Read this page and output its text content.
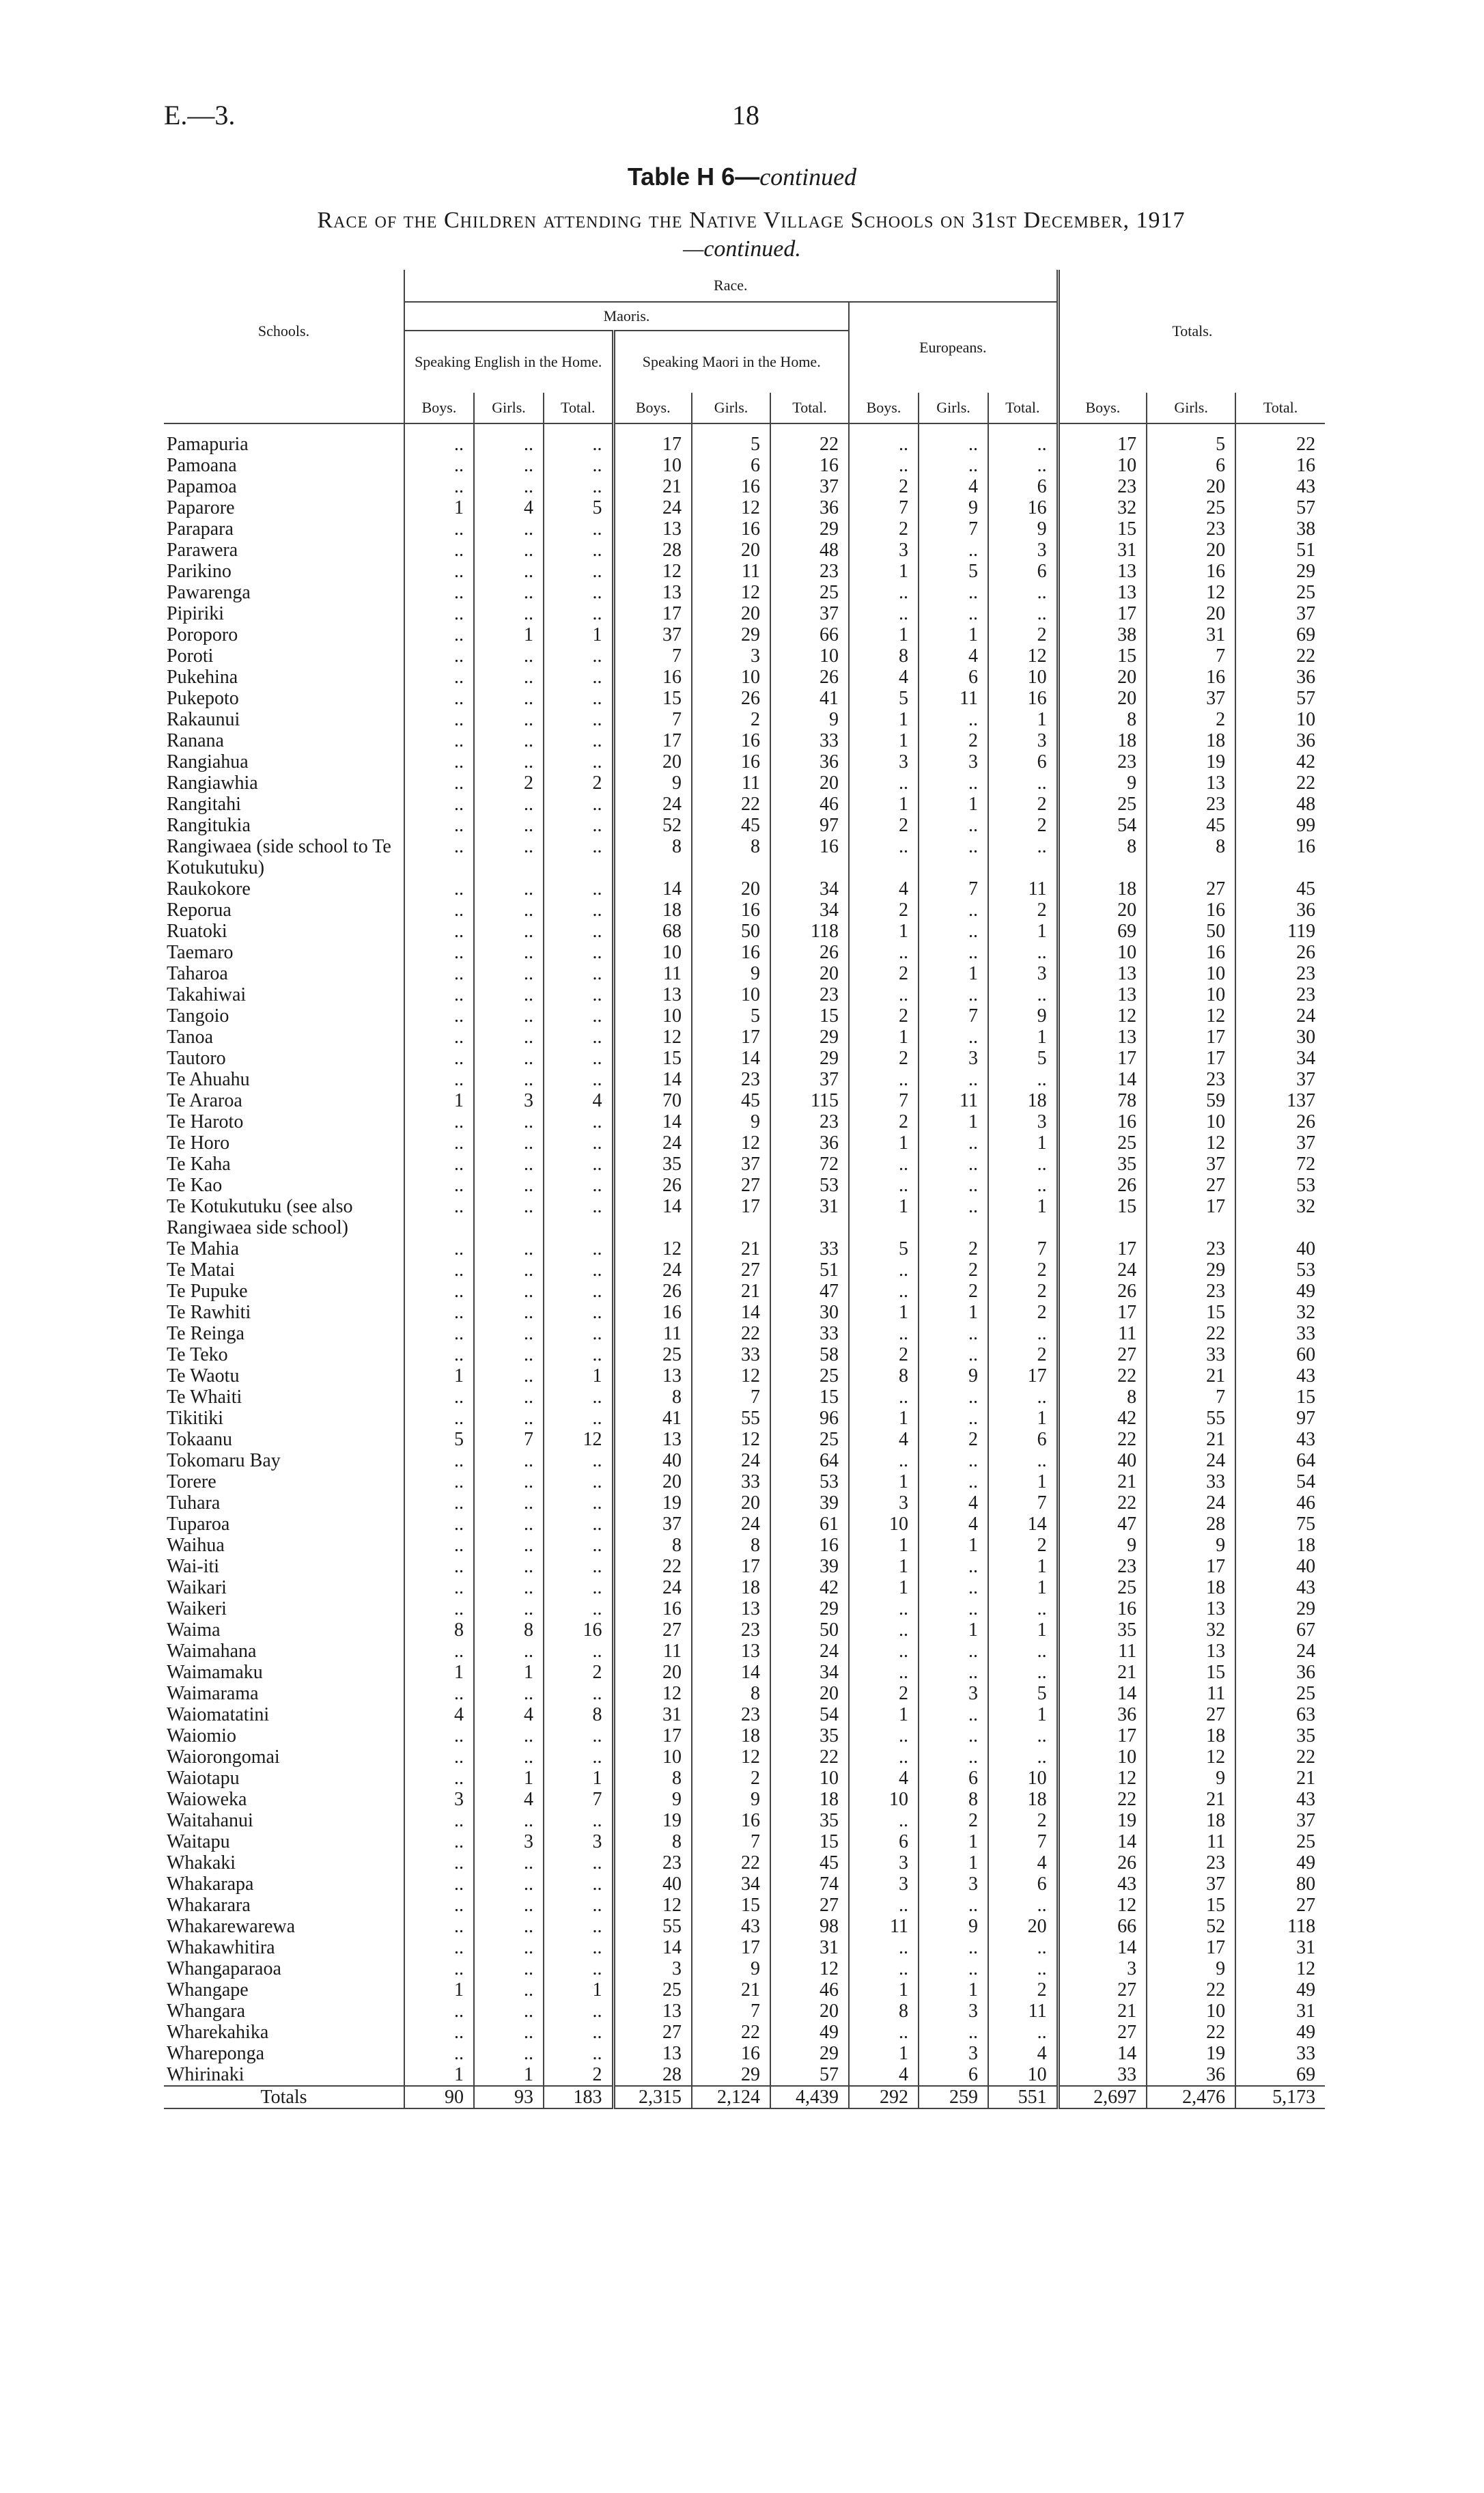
E.—3.	18
Table H 6—continued
Race of the Children attending the Native Village Schools on 31st December, 1917
—continued.
Schools.	Race.									Totals.		
	Maoris.						Europeans.					
	Speaking English in the Home.			Speaking Maori in the Home.								
	Boys.	Girls.	Total.	Boys.	Girls.	Total.	Boys.	Girls.	Total.	Boys.	Girls.	Total.
Pamapuria	..	..	..	17	5	22	..	..	..	17	5	22
Pamoana	..	..	..	10	6	16	..	..	..	10	6	16
Papamoa	..	..	..	21	16	37	2	4	6	23	20	43
Paparore	1	4	5	24	12	36	7	9	16	32	25	57
Parapara	..	..	..	13	16	29	2	7	9	15	23	38
Parawera	..	..	..	28	20	48	3	..	3	31	20	51
Parikino	..	..	..	12	11	23	1	5	6	13	16	29
Pawarenga	..	..	..	13	12	25	..	..	..	13	12	25
Pipiriki	..	..	..	17	20	37	..	..	..	17	20	37
Poroporo	..	1	1	37	29	66	1	1	2	38	31	69
Poroti	..	..	..	7	3	10	8	4	12	15	7	22
Pukehina	..	..	..	16	10	26	4	6	10	20	16	36
Pukepoto	..	..	..	15	26	41	5	11	16	20	37	57
Rakaunui	..	..	..	7	2	9	1	..	1	8	2	10
Ranana	..	..	..	17	16	33	1	2	3	18	18	36
Rangiahua	..	..	..	20	16	36	3	3	6	23	19	42
Rangiawhia	..	2	2	9	11	20	..	..	..	9	13	22
Rangitahi	..	..	..	24	22	46	1	1	2	25	23	48
Rangitukia	..	..	..	52	45	97	2	..	2	54	45	99
Rangiwaea (side school to Te Kotukutuku)	..	..	..	8	8	16	..	..	..	8	8	16
Raukokore	..	..	..	14	20	34	4	7	11	18	27	45
Reporua	..	..	..	18	16	34	2	..	2	20	16	36
Ruatoki	..	..	..	68	50	118	1	..	1	69	50	119
Taemaro	..	..	..	10	16	26	..	..	..	10	16	26
Taharoa	..	..	..	11	9	20	2	1	3	13	10	23
Takahiwai	..	..	..	13	10	23	..	..	..	13	10	23
Tangoio	..	..	..	10	5	15	2	7	9	12	12	24
Tanoa	..	..	..	12	17	29	1	..	1	13	17	30
Tautoro	..	..	..	15	14	29	2	3	5	17	17	34
Te Ahuahu	..	..	..	14	23	37	..	..	..	14	23	37
Te Araroa	1	3	4	70	45	115	7	11	18	78	59	137
Te Haroto	..	..	..	14	9	23	2	1	3	16	10	26
Te Horo	..	..	..	24	12	36	1	..	1	25	12	37
Te Kaha	..	..	..	35	37	72	..	..	..	35	37	72
Te Kao	..	..	..	26	27	53	..	..	..	26	27	53
Te Kotukutuku (see also Rangiwaea side school)	..	..	..	14	17	31	1	..	1	15	17	32
Te Mahia	..	..	..	12	21	33	5	2	7	17	23	40
Te Matai	..	..	..	24	27	51	..	2	2	24	29	53
Te Pupuke	..	..	..	26	21	47	..	2	2	26	23	49
Te Rawhiti	..	..	..	16	14	30	1	1	2	17	15	32
Te Reinga	..	..	..	11	22	33	..	..	..	11	22	33
Te Teko	..	..	..	25	33	58	2	..	2	27	33	60
Te Waotu	1	..	1	13	12	25	8	9	17	22	21	43
Te Whaiti	..	..	..	8	7	15	..	..	..	8	7	15
Tikitiki	..	..	..	41	55	96	1	..	1	42	55	97
Tokaanu	5	7	12	13	12	25	4	2	6	22	21	43
Tokomaru Bay	..	..	..	40	24	64	..	..	..	40	24	64
Torere	..	..	..	20	33	53	1	..	1	21	33	54
Tuhara	..	..	..	19	20	39	3	4	7	22	24	46
Tuparoa	..	..	..	37	24	61	10	4	14	47	28	75
Waihua	..	..	..	8	8	16	1	1	2	9	9	18
Wai-iti	..	..	..	22	17	39	1	..	1	23	17	40
Waikari	..	..	..	24	18	42	1	..	1	25	18	43
Waikeri	..	..	..	16	13	29	..	..	..	16	13	29
Waima	8	8	16	27	23	50	..	1	1	35	32	67
Waimahana	..	..	..	11	13	24	..	..	..	11	13	24
Waimamaku	1	1	2	20	14	34	..	..	..	21	15	36
Waimarama	..	..	..	12	8	20	2	3	5	14	11	25
Waiomatatini	4	4	8	31	23	54	1	..	1	36	27	63
Waiomio	..	..	..	17	18	35	..	..	..	17	18	35
Waiorongomai	..	..	..	10	12	22	..	..	..	10	12	22
Waiotapu	..	1	1	8	2	10	4	6	10	12	9	21
Waioweka	3	4	7	9	9	18	10	8	18	22	21	43
Waitahanui	..	..	..	19	16	35	..	2	2	19	18	37
Waitapu	..	3	3	8	7	15	6	1	7	14	11	25
Whakaki	..	..	..	23	22	45	3	1	4	26	23	49
Whakarapa	..	..	..	40	34	74	3	3	6	43	37	80
Whakarara	..	..	..	12	15	27	..	..	..	12	15	27
Whakarewarewa	..	..	..	55	43	98	11	9	20	66	52	118
Whakawhitira	..	..	..	14	17	31	..	..	..	14	17	31
Whangaparaoa	..	..	..	3	9	12	..	..	..	3	9	12
Whangape	1	..	1	25	21	46	1	1	2	27	22	49
Whangara	..	..	..	13	7	20	8	3	11	21	10	31
Wharekahika	..	..	..	27	22	49	..	..	..	27	22	49
Whareponga	..	..	..	13	16	29	1	3	4	14	19	33
Whirinaki	1	1	2	28	29	57	4	6	10	33	36	69
Totals	90	93	183	2,315	2,124	4,439	292	259	551	2,697	2,476	5,173
